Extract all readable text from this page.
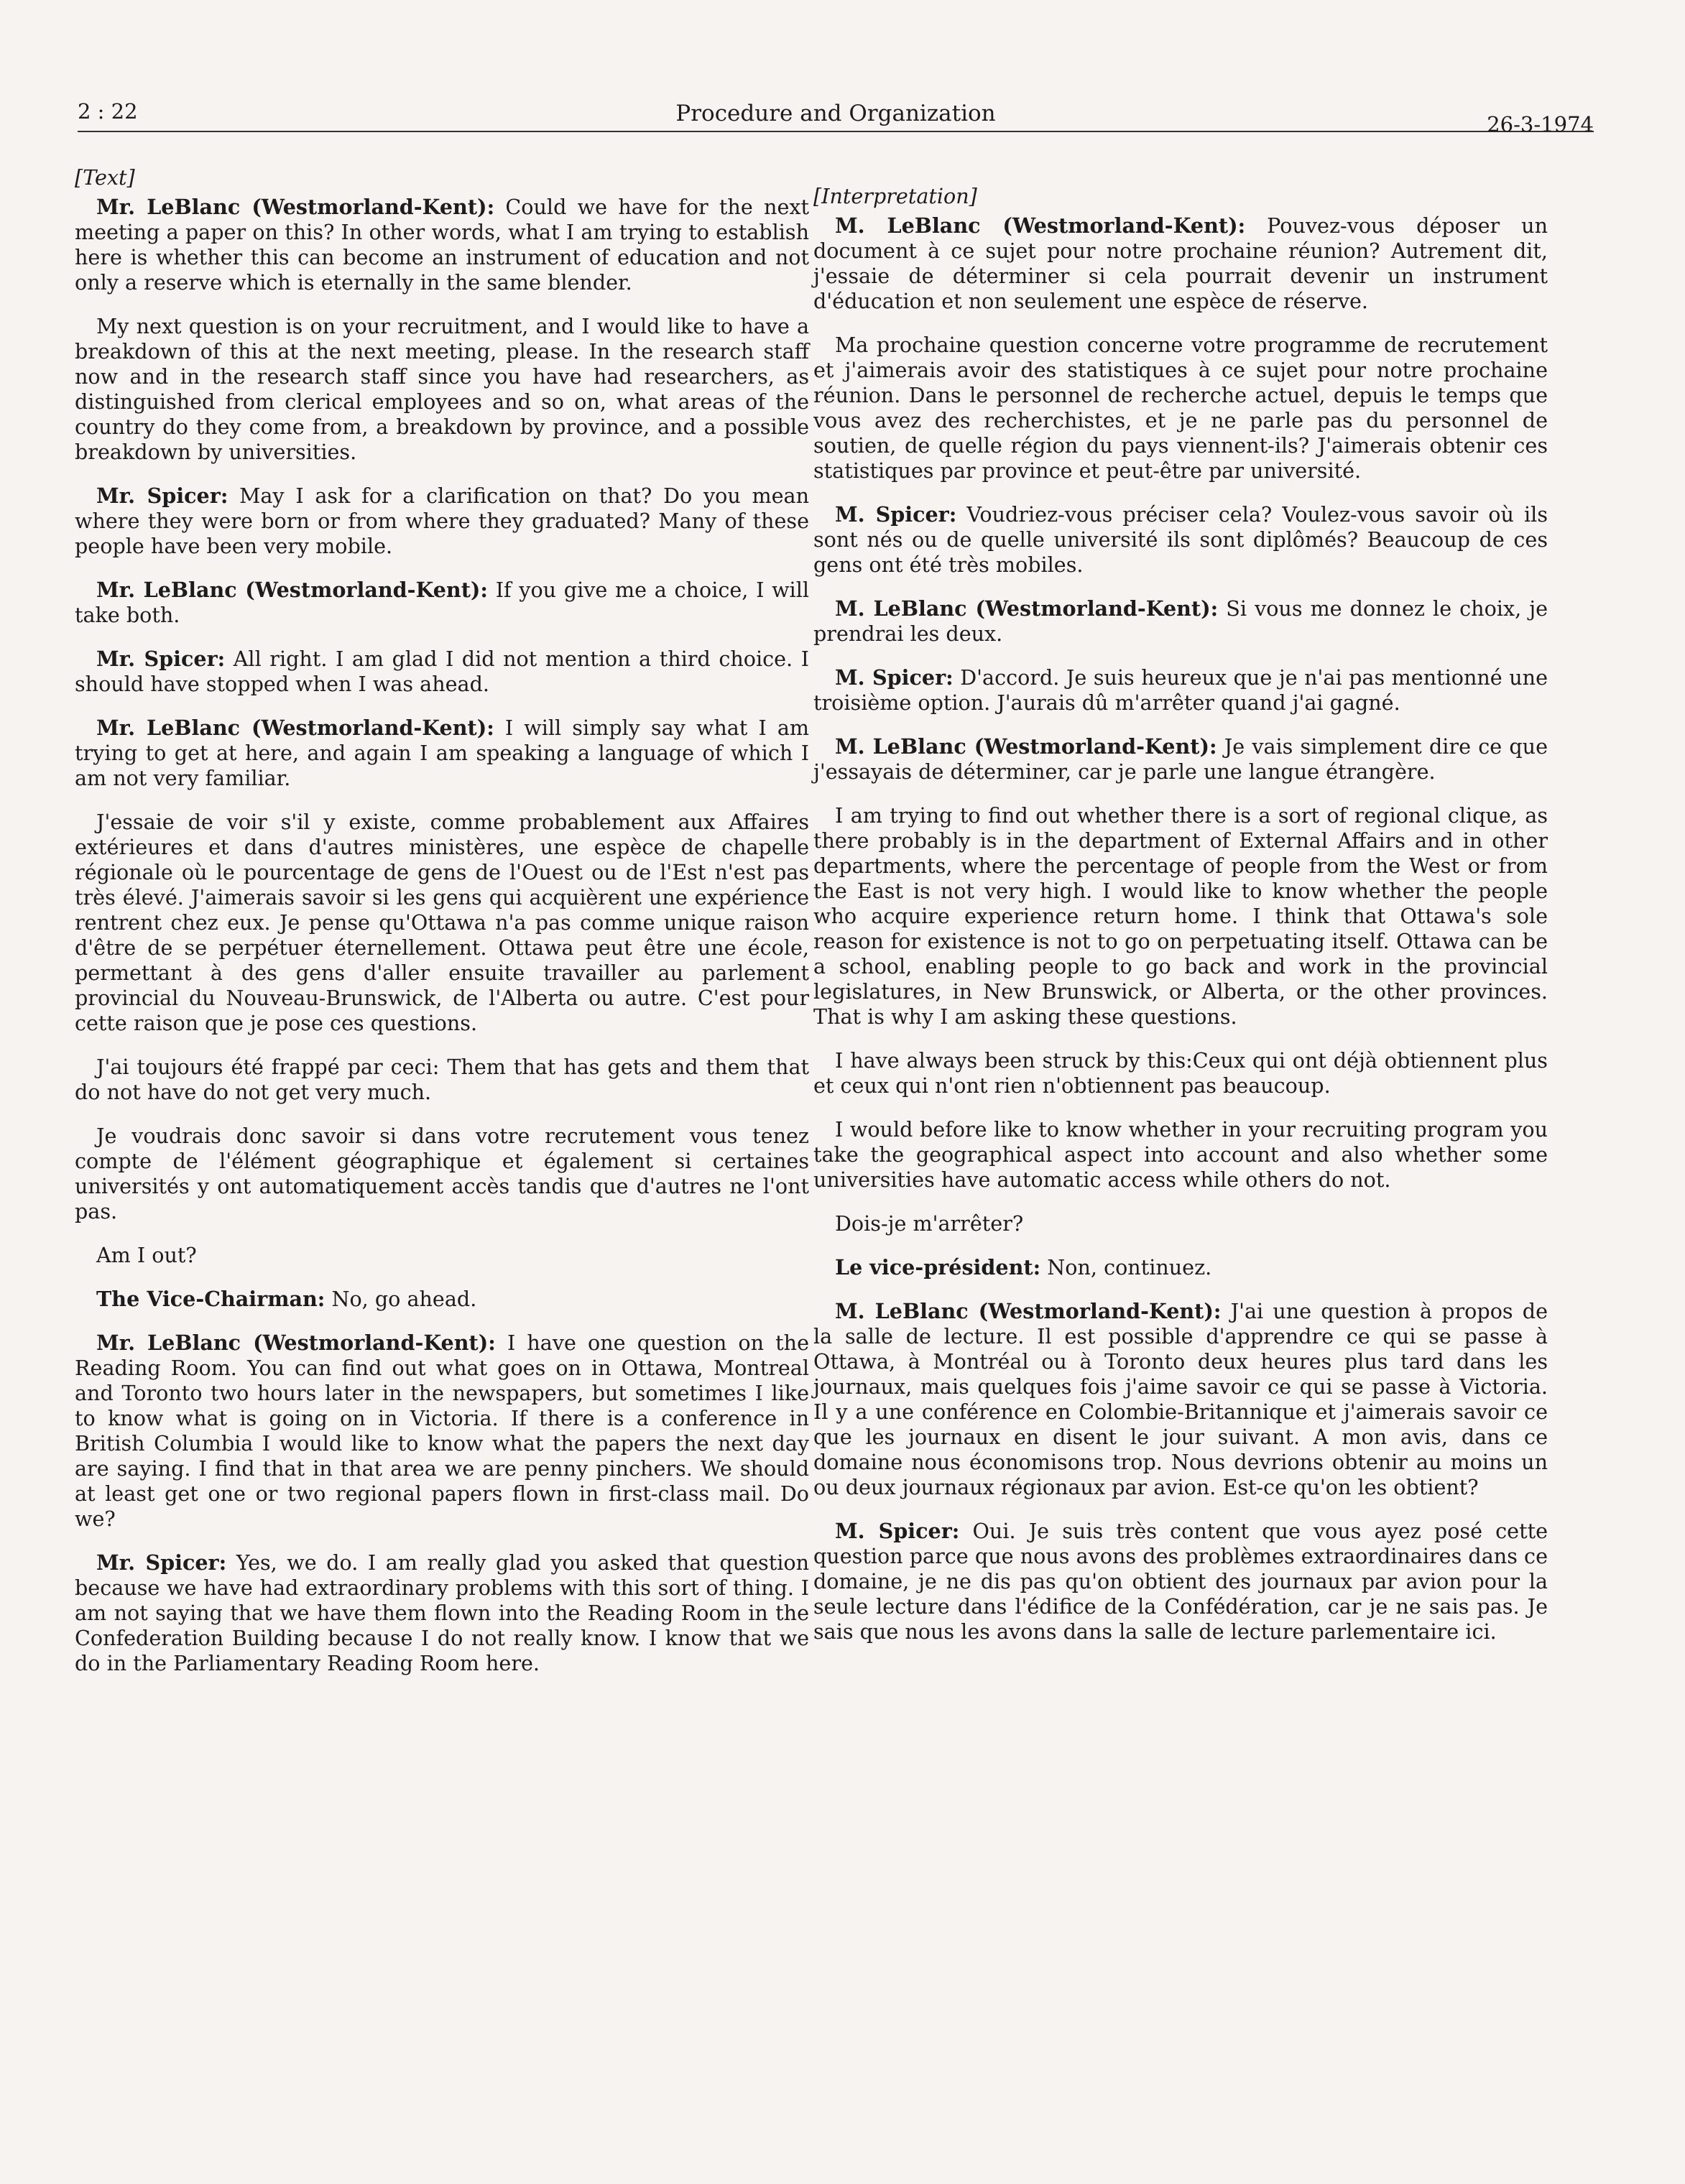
2 : 22	Procedure and Organization	26-3-1974
[Text]

Mr. LeBlanc (Westmorland-Kent): Could we have for the next meeting a paper on this? In other words, what I am trying to establish here is whether this can become an instrument of education and not only a reserve which is eternally in the same blender.

My next question is on your recruitment, and I would like to have a breakdown of this at the next meeting, please. In the research staff now and in the research staff since you have had researchers, as distinguished from clerical employees and so on, what areas of the country do they come from, a breakdown by province, and a possible breakdown by universities.

Mr. Spicer: May I ask for a clarification on that? Do you mean where they were born or from where they graduated? Many of these people have been very mobile.

Mr. LeBlanc (Westmorland-Kent): If you give me a choice, I will take both.

Mr. Spicer: All right. I am glad I did not mention a third choice. I should have stopped when I was ahead.

Mr. LeBlanc (Westmorland-Kent): I will simply say what I am trying to get at here, and again I am speaking a language of which I am not very familiar.

J'essaie de voir s'il y existe, comme probablement aux Affaires extérieures et dans d'autres ministères, une espèce de chapelle régionale où le pourcentage de gens de l'Ouest ou de l'Est n'est pas très élevé. J'aimerais savoir si les gens qui acquièrent une expérience rentrent chez eux. Je pense qu'Ottawa n'a pas comme unique raison d'être de se perpétuer éternellement. Ottawa peut être une école, permettant à des gens d'aller ensuite travailler au parlement provincial du Nouveau-Brunswick, de l'Alberta ou autre. C'est pour cette raison que je pose ces questions.

J'ai toujours été frappé par ceci: Them that has gets and them that do not have do not get very much.

Je voudrais donc savoir si dans votre recrutement vous tenez compte de l'élément géographique et également si certaines universités y ont automatiquement accès tandis que d'autres ne l'ont pas.

Am I out?

The Vice-Chairman: No, go ahead.

Mr. LeBlanc (Westmorland-Kent): I have one question on the Reading Room. You can find out what goes on in Ottawa, Montreal and Toronto two hours later in the newspapers, but sometimes I like to know what is going on in Victoria. If there is a conference in British Columbia I would like to know what the papers the next day are saying. I find that in that area we are penny pinchers. We should at least get one or two regional papers flown in first-class mail. Do we?

Mr. Spicer: Yes, we do. I am really glad you asked that question because we have had extraordinary problems with this sort of thing. I am not saying that we have them flown into the Reading Room in the Confederation Building because I do not really know. I know that we do in the Parliamentary Reading Room here.

[Interpretation]

M. LeBlanc (Westmorland-Kent): Pouvez-vous déposer un document à ce sujet pour notre prochaine réunion? Autrement dit, j'essaie de déterminer si cela pourrait devenir un instrument d'éducation et non seulement une espèce de réserve.

Ma prochaine question concerne votre programme de recrutement et j'aimerais avoir des statistiques à ce sujet pour notre prochaine réunion. Dans le personnel de recherche actuel, depuis le temps que vous avez des recherchistes, et je ne parle pas du personnel de soutien, de quelle région du pays viennent-ils? J'aimerais obtenir ces statistiques par province et peut-être par université.

M. Spicer: Voudriez-vous préciser cela? Voulez-vous savoir où ils sont nés ou de quelle université ils sont diplômés? Beaucoup de ces gens ont été très mobiles.

M. LeBlanc (Westmorland-Kent): Si vous me donnez le choix, je prendrai les deux.

M. Spicer: D'accord. Je suis heureux que je n'ai pas mentionné une troisième option. J'aurais dû m'arrêter quand j'ai gagné.

M. LeBlanc (Westmorland-Kent): Je vais simplement dire ce que j'essayais de déterminer, car je parle une langue étrangère.

I am trying to find out whether there is a sort of regional clique, as there probably is in the department of External Affairs and in other departments, where the percentage of people from the West or from the East is not very high. I would like to know whether the people who acquire experience return home. I think that Ottawa's sole reason for existence is not to go on perpetuating itself. Ottawa can be a school, enabling people to go back and work in the provincial legislatures, in New Brunswick, or Alberta, or the other provinces. That is why I am asking these questions.

I have always been struck by this:Ceux qui ont déjà obtiennent plus et ceux qui n'ont rien n'obtiennent pas beaucoup.

I would before like to know whether in your recruiting program you take the geographical aspect into account and also whether some universities have automatic access while others do not.

Dois-je m'arrêter?

Le vice-président: Non, continuez.

M. LeBlanc (Westmorland-Kent): J'ai une question à propos de la salle de lecture. Il est possible d'apprendre ce qui se passe à Ottawa, à Montréal ou à Toronto deux heures plus tard dans les journaux, mais quelques fois j'aime savoir ce qui se passe à Victoria. Il y a une conférence en Colombie-Britannique et j'aimerais savoir ce que les journaux en disent le jour suivant. A mon avis, dans ce domaine nous économisons trop. Nous devrions obtenir au moins un ou deux journaux régionaux par avion. Est-ce qu'on les obtient?

M. Spicer: Oui. Je suis très content que vous ayez posé cette question parce que nous avons des problèmes extraordinaires dans ce domaine, je ne dis pas qu'on obtient des journaux par avion pour la seule lecture dans l'édifice de la Confédération, car je ne sais pas. Je sais que nous les avons dans la salle de lecture parlementaire ici.
